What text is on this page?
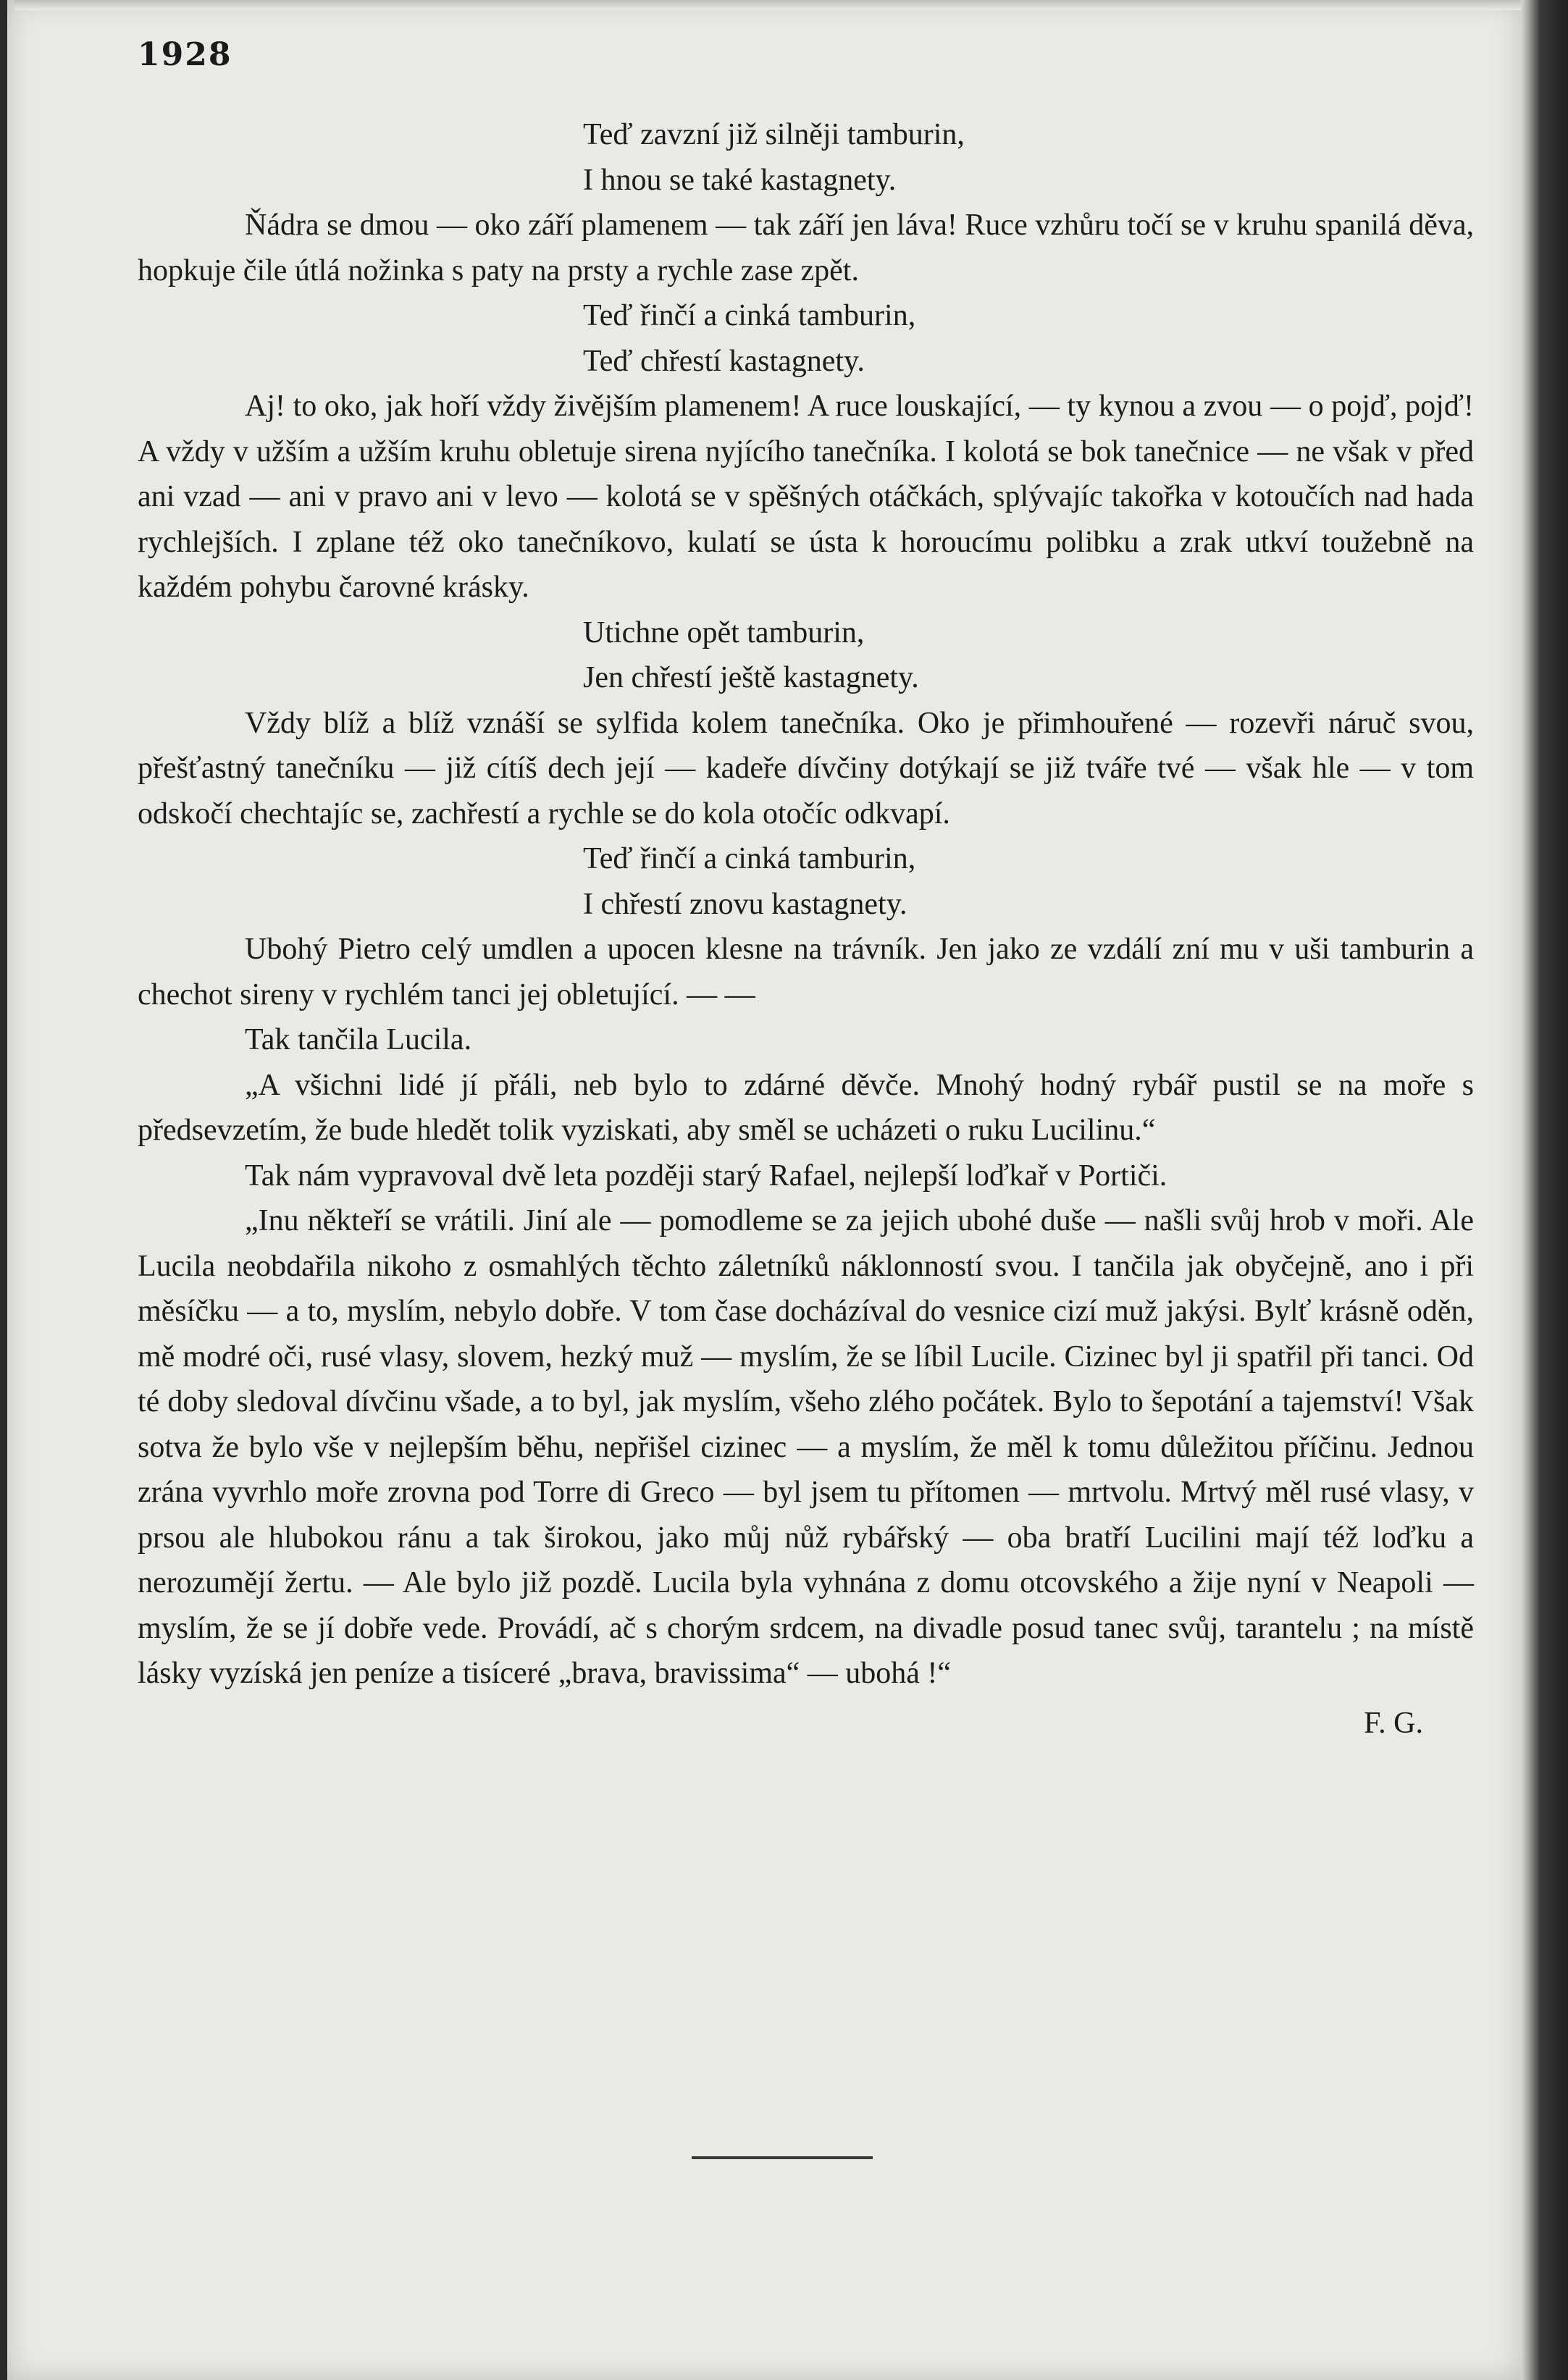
1928
Teď zavzní již silněji tamburin,
I hnou se také kastagnety.

Ňádra se dmou — oko září plamenem — tak září jen láva! Ruce vzhůru točí se v kruhu spanilá děva, hopkuje čile útlá nožinka s paty na prsty a rychle zase zpět.

Teď řinčí a cinká tamburin,
Teď chřestí kastagnety.

Aj! to oko, jak hoří vždy živějším plamenem! A ruce louskající, — ty kynou a zvou — o pojď, pojď! A vždy v užším a užším kruhu obletuje sirena nyjícího tanečníka. I kolotá se bok tanečnice — ne však v před ani vzad — ani v pravo ani v levo — kolotá se v spěšných otáčkách, splývajíc takořka v kotoučích nad hada rychlejších. I zplane též oko tanečníkovo, kulatí se ústa k horoucímu polibku a zrak utkví toužebně na každém pohybu čarovné krásky.

Utichne opět tamburin,
Jen chřestí ještě kastagnety.

Vždy blíž a blíž vznáší se sylfida kolem tanečníka. Oko je přimhouřené — rozevři náruč svou, přešťastný tanečníku — již cítíš dech její — kadeře dívčiny dotýkají se již tváře tvé — však hle — v tom odskočí chechtajíc se, zachřestí a rychle se do kola otočíc odkvapí.

Teď řinčí a cinká tamburin,
I chřestí znovu kastagnety.

Ubohý Pietro celý umdlen a upocen klesne na trávník. Jen jako ze vzdálí zní mu v uši tamburin a chechot sireny v rychlém tanci jej obletující. — —

Tak tančila Lucila.

„A všichni lidé jí přáli, neb bylo to zdárné děvče. Mnohý hodný rybář pustil se na moře s předsevzetím, že bude hledět tolik vyziskati, aby směl se ucházeti o ruku Lucilinu.“

Tak nám vypravoval dvě leta později starý Rafael, nejlepší loďkař v Portiči.

„Inu někteří se vrátili. Jiní ale — pomodleme se za jejich ubohé duše — našli svůj hrob v moři. Ale Lucila neobdařila nikoho z osmahlých těchto záletníků náklonností svou. I tančila jak obyčejně, ano i při měsíčku — a to, myslím, nebylo dobře. V tom čase docházíval do vesnice cizí muž jakýsi. Bylť krásně oděn, mě modré oči, rusé vlasy, slovem, hezký muž — myslím, že se líbil Lucile. Cizinec byl ji spatřil při tanci. Od té doby sledoval dívčinu všade, a to byl, jak myslím, všeho zlého počátek. Bylo to šepotání a tajemství! Však sotva že bylo vše v nejlepším běhu, nepřišel cizinec — a myslím, že měl k tomu důležitou příčinu. Jednou zrána vyvrhlo moře zrovna pod Torre di Greco — byl jsem tu přítomen — mrtvolu. Mrtvý měl rusé vlasy, v prsou ale hlubokou ránu a tak širokou, jako můj nůž rybářský — oba bratří Lucilini mají též loďku a nerozumějí žertu. — Ale bylo již pozdě. Lucila byla vyhnána z domu otcovského a žije nyní v Neapoli — myslím, že se jí dobře vede. Provádí, ač s chorým srdcem, na divadle posud tanec svůj, tarantelu ; na místě lásky vyzíská jen peníze a tisíceré „brava, bravissima“ — ubohá !“

F. G.
